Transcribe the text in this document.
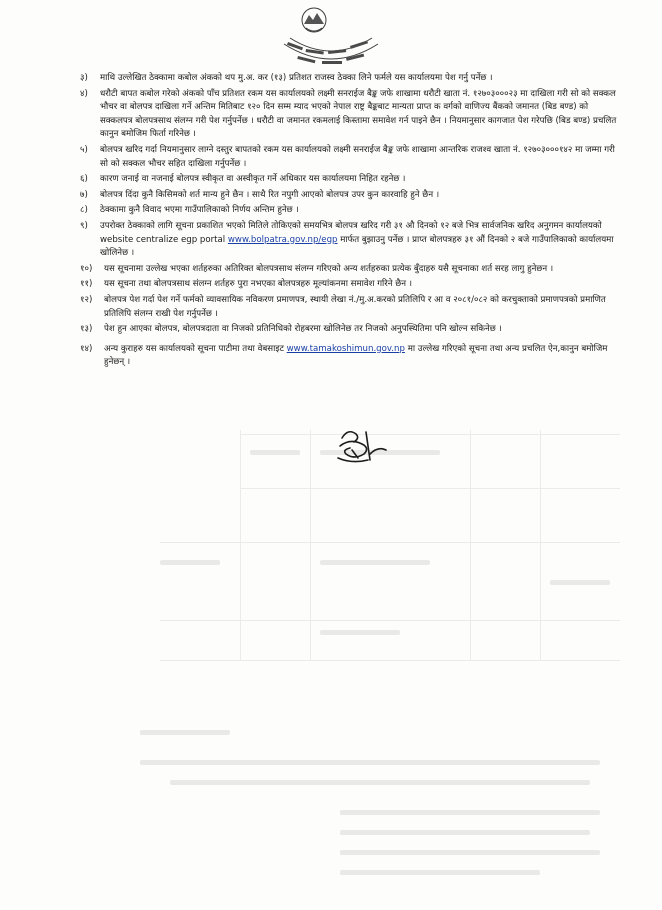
३) माथि उल्लेखित ठेक्कामा कबोल अंकको थप मु.अ. कर (१३) प्रतिशत राजस्व ठेक्का लिने फर्मले यस कार्यालयमा पेश गर्नु पर्नेछ ।
४) धरौटी बापत कबोल गरेको अंकको पाँच प्रतिशत रकम यस कार्यालयको लक्ष्मी सनराईज बैङ्क जफे शाखामा धरौटी खाता नं. १२७०३०००२३ मा दाखिला गरी सो को सक्कल भौचर वा बोलपत्र दाखिला गर्ने अन्तिम मितिबाट १२० दिन सम्म म्याद भएको नेपाल राष्ट्र बैङ्कबाट मान्यता प्राप्त क वर्गको वाणिज्य बैंकको जमानत (बिड बण्ड) को सक्कलपत्र बोलपत्रसाथ संलग्न गरी पेश गर्नुपर्नेछ । धरौटी वा जमानत रकमलाई किस्तामा समावेश गर्न पाइने छैन । नियमानुसार कागजात पेश गरेपछि (बिड बण्ड) प्रचलित कानुन बमोजिम फिर्ता गरिनेछ ।
५) बोलपत्र खरिद गर्दा नियमानुसार लाग्ने दस्तुर बापतको रकम यस कार्यालयको लक्ष्मी सनराईज बैङ्क जफे शाखामा आन्तरिक राजश्व खाता नं. १२७०३०००१४२ मा जम्मा गरी सो को सक्कल भौचर सहित दाखिला गर्नुपर्नेछ ।
६) कारण जनाई वा नजनाई बोलपत्र स्वीकृत वा अस्वीकृत गर्ने अधिकार यस कार्यालयमा निहित रहनेछ ।
७) बोलपत्र दिंदा कुनै किसिमको शर्त मान्य हुने छैन । साथै रित नपुगी आएको बोलपत्र उपर कुन कारवाहि हुने छैन ।
८) ठेक्कामा कुनै विवाद भएमा गाउँपालिकाको निर्णय अन्तिम हुनेछ ।
९) उपरोक्त ठेक्काको लागि सूचना प्रकाशित भएको मितिले तोकिएको समयभित्र बोलपत्र खरिद गरी ३१ औ दिनको १२ बजे भित्र सार्वजनिक खरिद अनुगमन कार्यालयको website centralize egp portal www.bolpatra.gov.np/egp मार्फत बुझाउनु पर्नेछ । प्राप्त बोलपत्रहरु ३१ औं दिनको २ बजे गाउँपालिकाको कार्यालयमा खोलिनेछ ।
१०) यस सूचनामा उल्लेख भएका शर्तहरुका अतिरिक्त बोलपत्रसाथ संलग्न गरिएको अन्य शर्तहरुका प्रत्येक बुँदाहरु यसै सूचनाका शर्त सरह लागु हुनेछन ।
११) यस सूचना तथा बोलपत्रसाथ संलग्न शर्तहरु पुरा नभएका बोलपत्रहरु मूल्यांकनमा समावेश गरिने छैन ।
१२) बोलपत्र पेश गर्दा पेश गर्ने फर्मको व्यावसायिक नविकरण प्रमाणपत्र, स्थायी लेखा नं./मु.अ.करको प्रतिलिपि र आ व २०८१/०८२ को करचुक्ताको प्रमाणपत्रको प्रमाणित प्रतिलिपि संलग्न राखी पेश गर्नुपर्नेछ ।
१३) पेश हुन आएका बोलपत्र, बोलपत्रदाता वा निजको प्रतिनिधिको रोहबरमा खोलिनेछ तर निजको अनुपस्थितिमा पनि खोल्न सकिनेछ ।
१४) अन्य कुराहरु यस कार्यालयको सूचना पाटीमा तथा वेबसाइट www.tamakoshimun.gov.np मा उल्लेख गरिएको सूचना तथा अन्य प्रचलित ऐन,कानुन बमोजिम हुनेछन् ।
